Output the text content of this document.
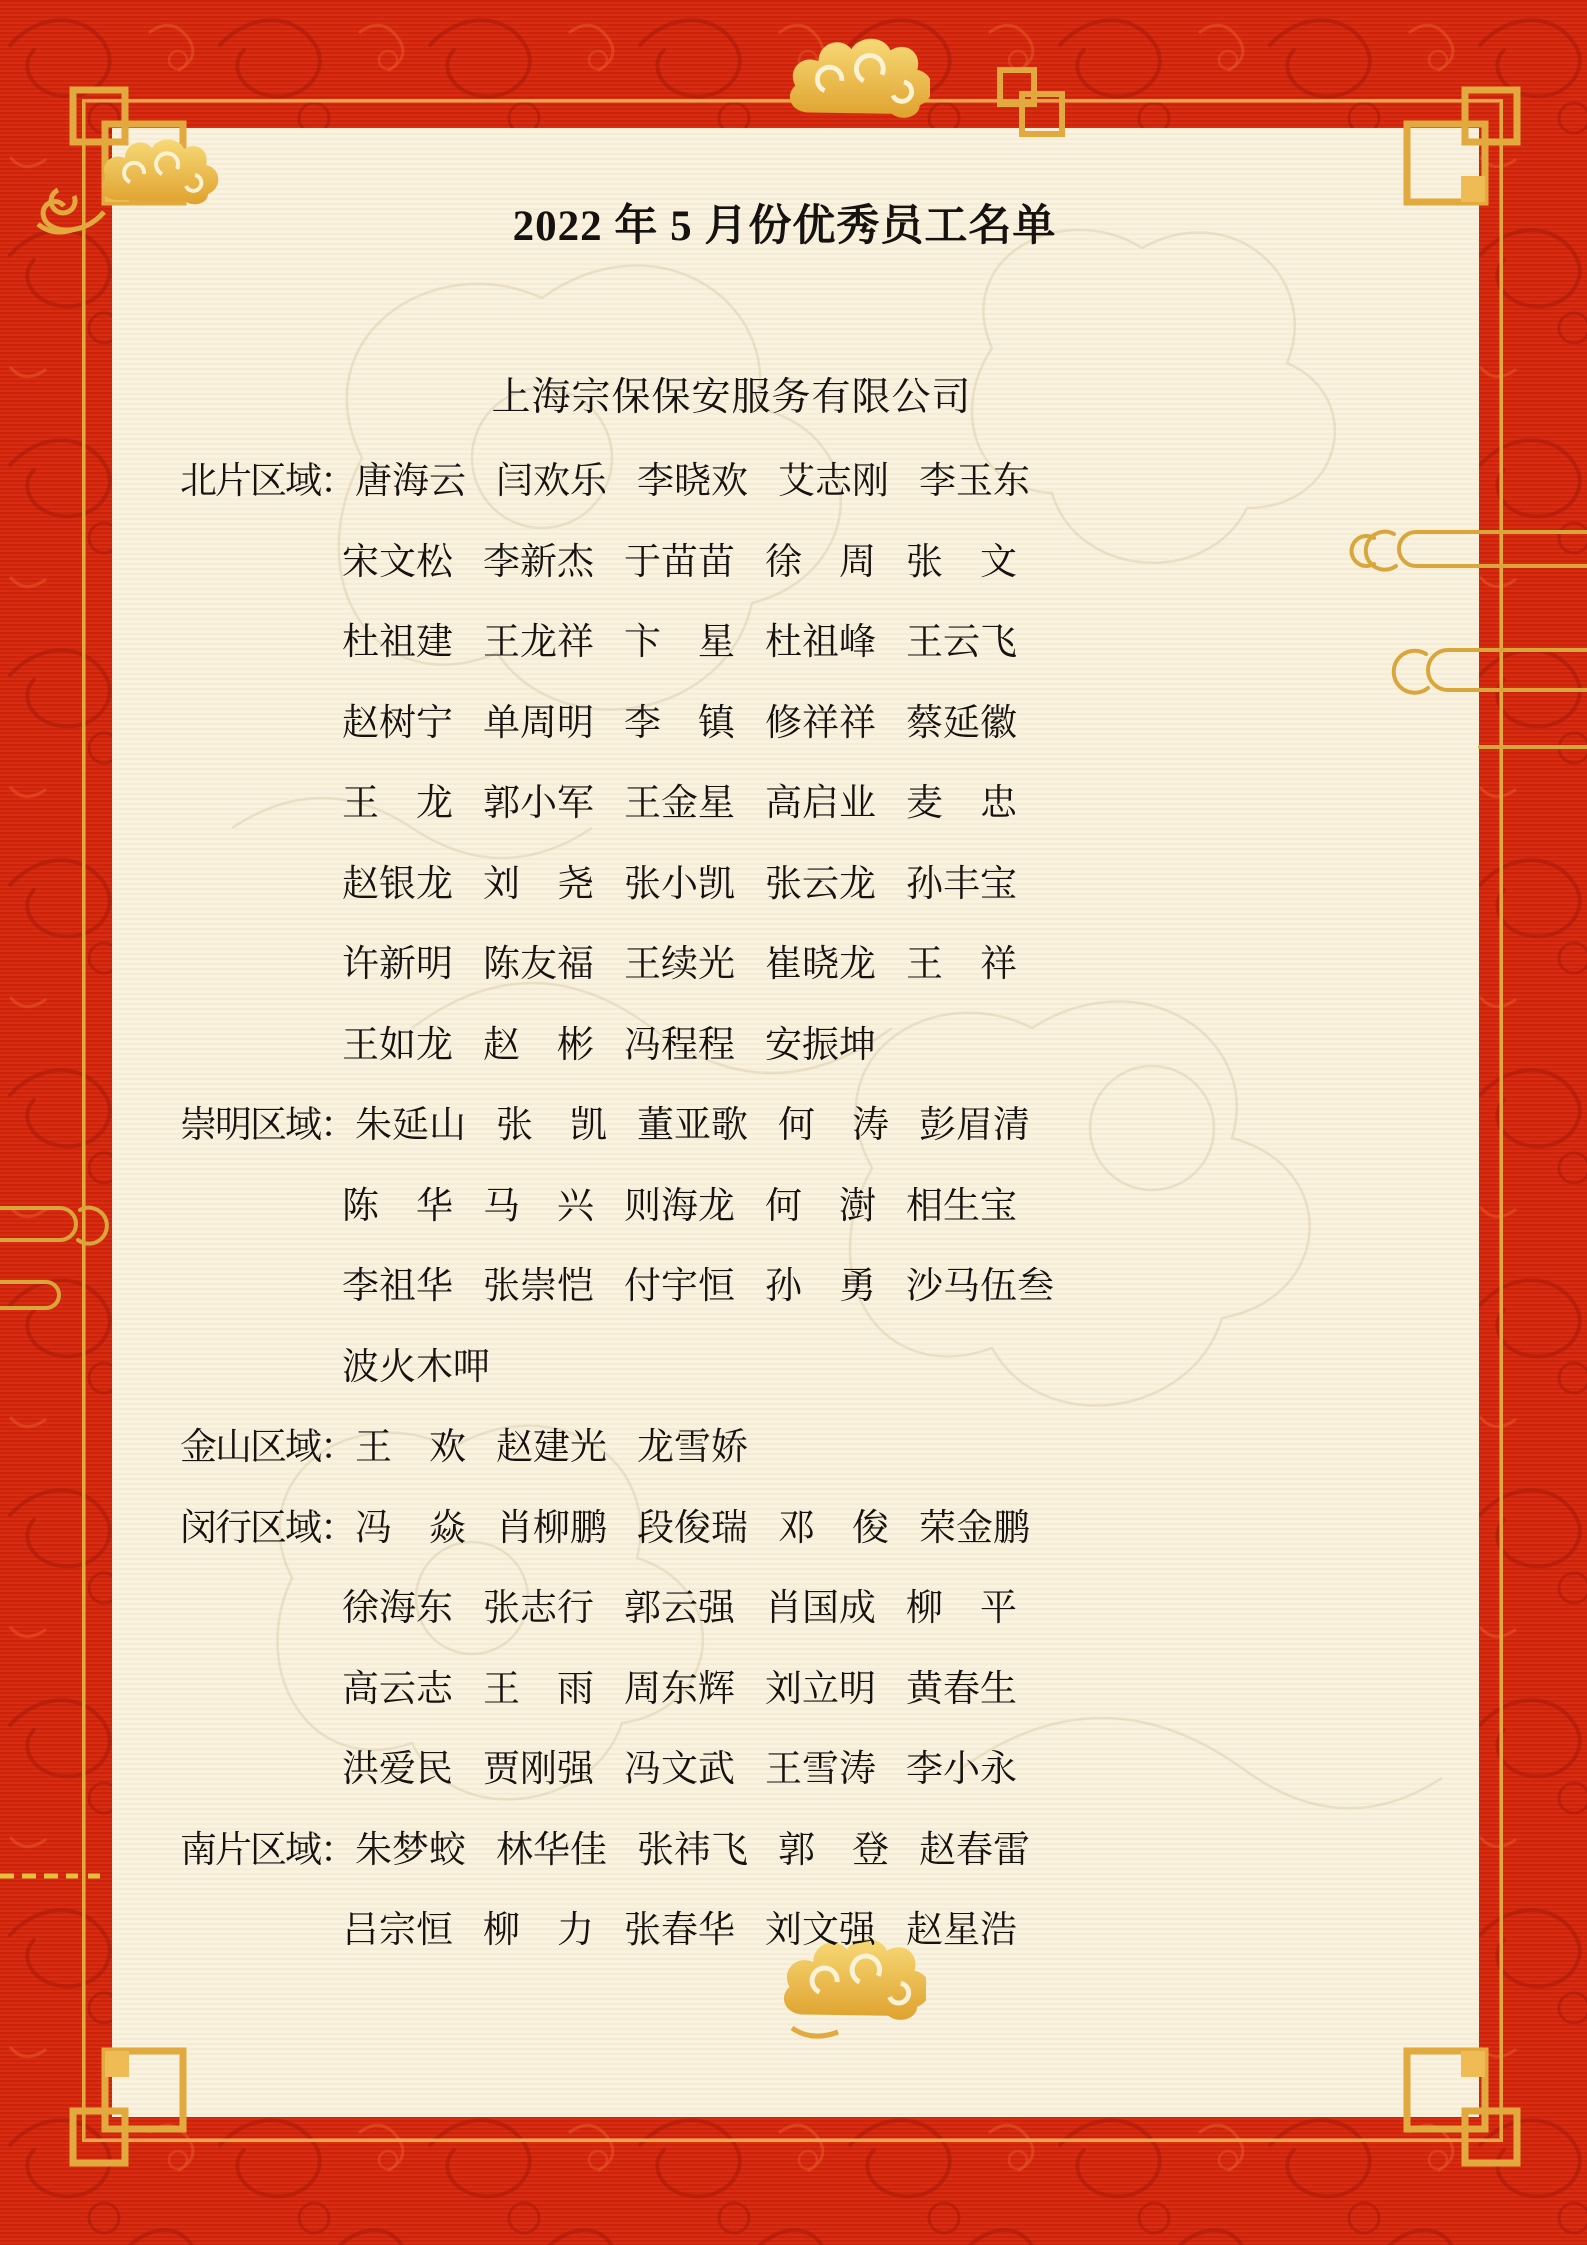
2022 年 5 月份优秀员工名单
上海宗保保安服务有限公司
北片区域： 唐海云 闫欢乐 李晓欢 艾志刚 李玉东
宋文松 李新杰 于苗苗 徐　周 张　文
杜祖建 王龙祥 卞　星 杜祖峰 王云飞
赵树宁 单周明 李　镇 修祥祥 蔡延徽
王　龙 郭小军 王金星 高启业 麦　忠
赵银龙 刘　尧 张小凯 张云龙 孙丰宝
许新明 陈友福 王续光 崔晓龙 王　祥
王如龙 赵　彬 冯程程 安振坤
崇明区域： 朱延山 张　凯 董亚歌 何　涛 彭眉清
陈　华 马　兴 则海龙 何　澍 相生宝
李祖华 张崇恺 付宇恒 孙　勇 沙马伍叁
波火木呷
金山区域： 王　欢 赵建光 龙雪娇
闵行区域： 冯　焱 肖柳鹏 段俊瑞 邓　俊 荣金鹏
徐海东 张志行 郭云强 肖国成 柳　平
高云志 王　雨 周东辉 刘立明 黄春生
洪爱民 贾刚强 冯文武 王雪涛 李小永
南片区域： 朱梦蛟 林华佳 张祎飞 郭　登 赵春雷
吕宗恒 柳　力 张春华 刘文强 赵星浩
